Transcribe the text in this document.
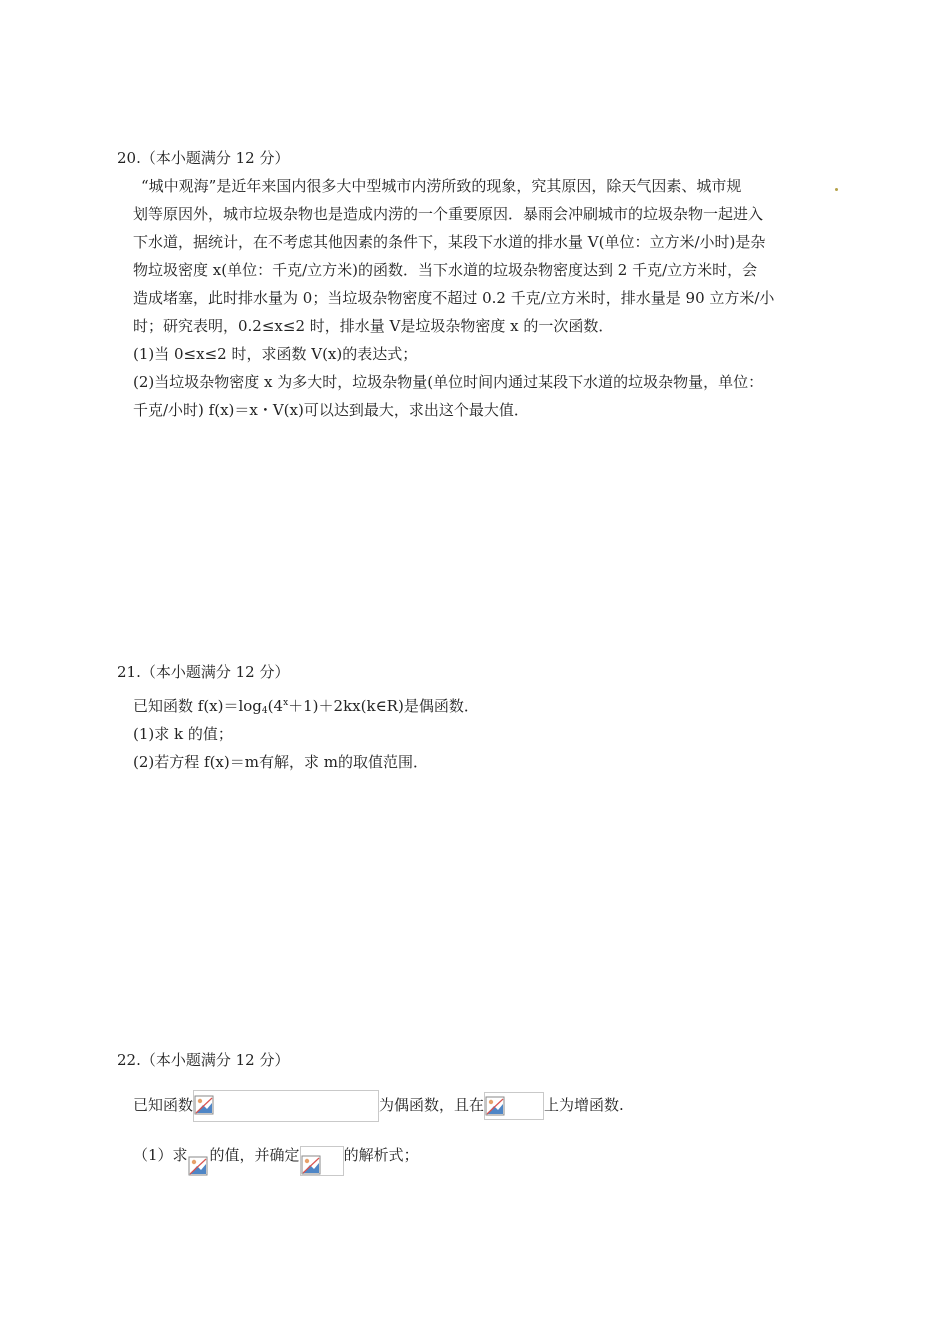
20.（本小题满分 12 分）
“城中观海”是近年来国内很多大中型城市内涝所致的现象，究其原因，除天气因素、城市规
划等原因外，城市垃圾杂物也是造成内涝的一个重要原因．暴雨会冲刷城市的垃圾杂物一起进入
下水道，据统计，在不考虑其他因素的条件下，某段下水道的排水量 V(单位：立方米/小时)是杂
物垃圾密度 x(单位：千克/立方米)的函数．当下水道的垃圾杂物密度达到 2 千克/立方米时，会
造成堵塞，此时排水量为 0；当垃圾杂物密度不超过 0.2 千克/立方米时，排水量是 90 立方米/小
时；研究表明，0.2≤x≤2 时，排水量 V是垃圾杂物密度 x 的一次函数．
(1)当 0≤x≤2 时，求函数 V(x)的表达式；
(2)当垃圾杂物密度 x 为多大时，垃圾杂物量(单位时间内通过某段下水道的垃圾杂物量，单位：
千克/小时) f(x)＝x・V(x)可以达到最大，求出这个最大值．
21.（本小题满分 12 分）
已知函数 $f(x)=\log_4(4^x+1)+2kx(k\in R)$是偶函数．
(1)求 k 的值；
(2)若方程 f(x)＝m有解，求 m的取值范围．
22.（本小题满分 12 分）
已知函数	为偶函数，且在	上为增函数.
（1）求 的值，并确定	的解析式；
